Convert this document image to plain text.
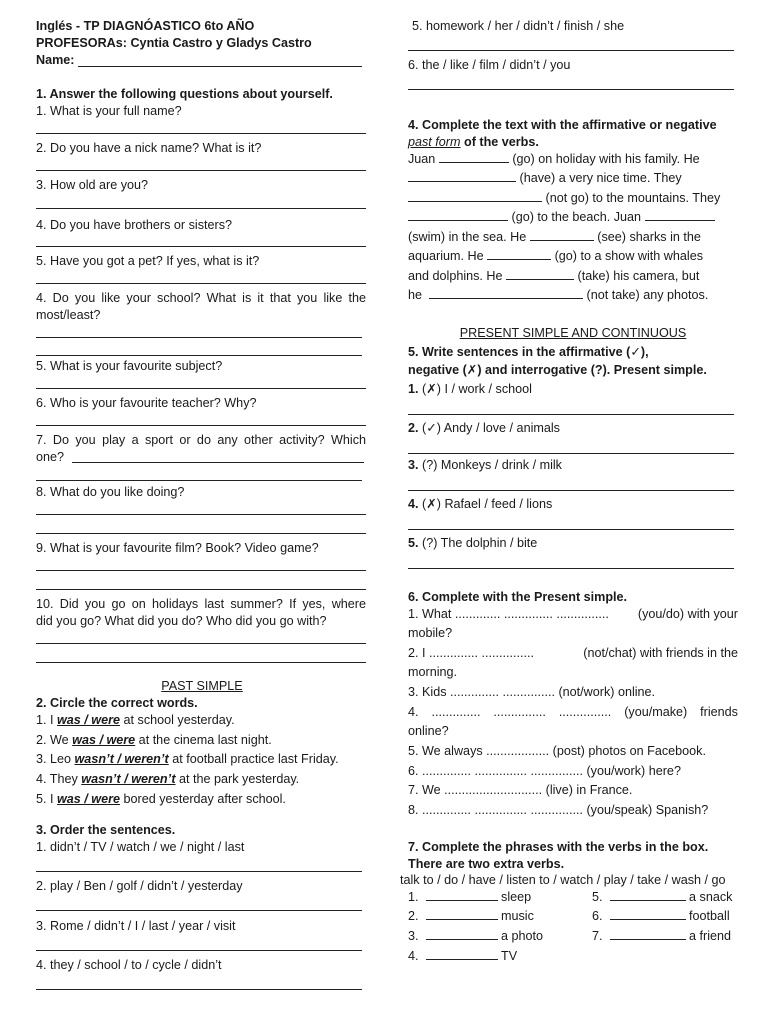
Inglés - TP DIAGNÓASTICO 6to AÑO
PROFESORAs: Cyntia Castro y Gladys Castro
Name:
1. Answer the following questions about yourself.
1. What is your full name?
2. Do you have a nick name? What is it?
3. How old are you?
4. Do you have brothers or sisters?
5. Have you got a pet? If yes, what is it?
4. Do you like your school? What is it that you like the
most/least?
5. What is your favourite subject?
6. Who is your favourite teacher? Why?
7. Do you play a sport or do any other activity? Which
one?
8. What do you like doing?
9. What is your favourite film? Book? Video game?
10. Did you go on holidays last summer? If yes, where
did you go? What did you do? Who did you go with?
PAST SIMPLE
2. Circle the correct words.
1. I was / were at school yesterday.
2. We was / were at the cinema last night.
3. Leo wasn’t / weren’t at football practice last Friday.
4. They wasn’t / weren’t at the park yesterday.
5. I was / were bored yesterday after school.
3. Order the sentences.
1. didn’t / TV / watch / we / night / last
2. play / Ben / golf / didn’t / yesterday
3. Rome / didn’t / I / last / year / visit
4. they / school / to / cycle / didn’t
5. homework / her / didn’t / finish / she
6. the / like / film / didn’t / you
4. Complete the text with the affirmative or negative
past form of the verbs.
Juan	(go) on holiday with his family. He
(have) a very nice time. They
(not go) to the mountains. They
(go) to the beach. Juan
(swim) in the sea. He	(see) sharks in the
aquarium. He	(go) to a show with whales
and dolphins. He	(take) his camera, but
he	(not take) any photos.
PRESENT SIMPLE AND CONTINUOUS
5. Write sentences in the affirmative (✓),
negative (✗) and interrogative (?). Present simple.
1. (✗) I / work / school
2. (✓) Andy / love / animals
3. (?) Monkeys / drink / milk
4. (✗) Rafael / feed / lions
5. (?) The dolphin / bite
6. Complete with the Present simple.
1. What ............. .............. ............... (you/do) with your
mobile?
2. I .............. ...............	(not/chat) with friends in the
morning.
3. Kids .............. ............... (not/work) online.
4. .............. ............... ............... (you/make) friends
online?
5. We always .................. (post) photos on Facebook.
6. .............. ............... ............... (you/work) here?
7. We ............................ (live) in France.
8. .............. ............... ............... (you/speak) Spanish?
7. Complete the phrases with the verbs in the box.
There are two extra verbs.
talk to / do / have / listen to / watch / play / take / wash / go
1.	sleep
2.	music
3.	a photo
4.	TV
5.	a snack
6.	football
7.	a friend
